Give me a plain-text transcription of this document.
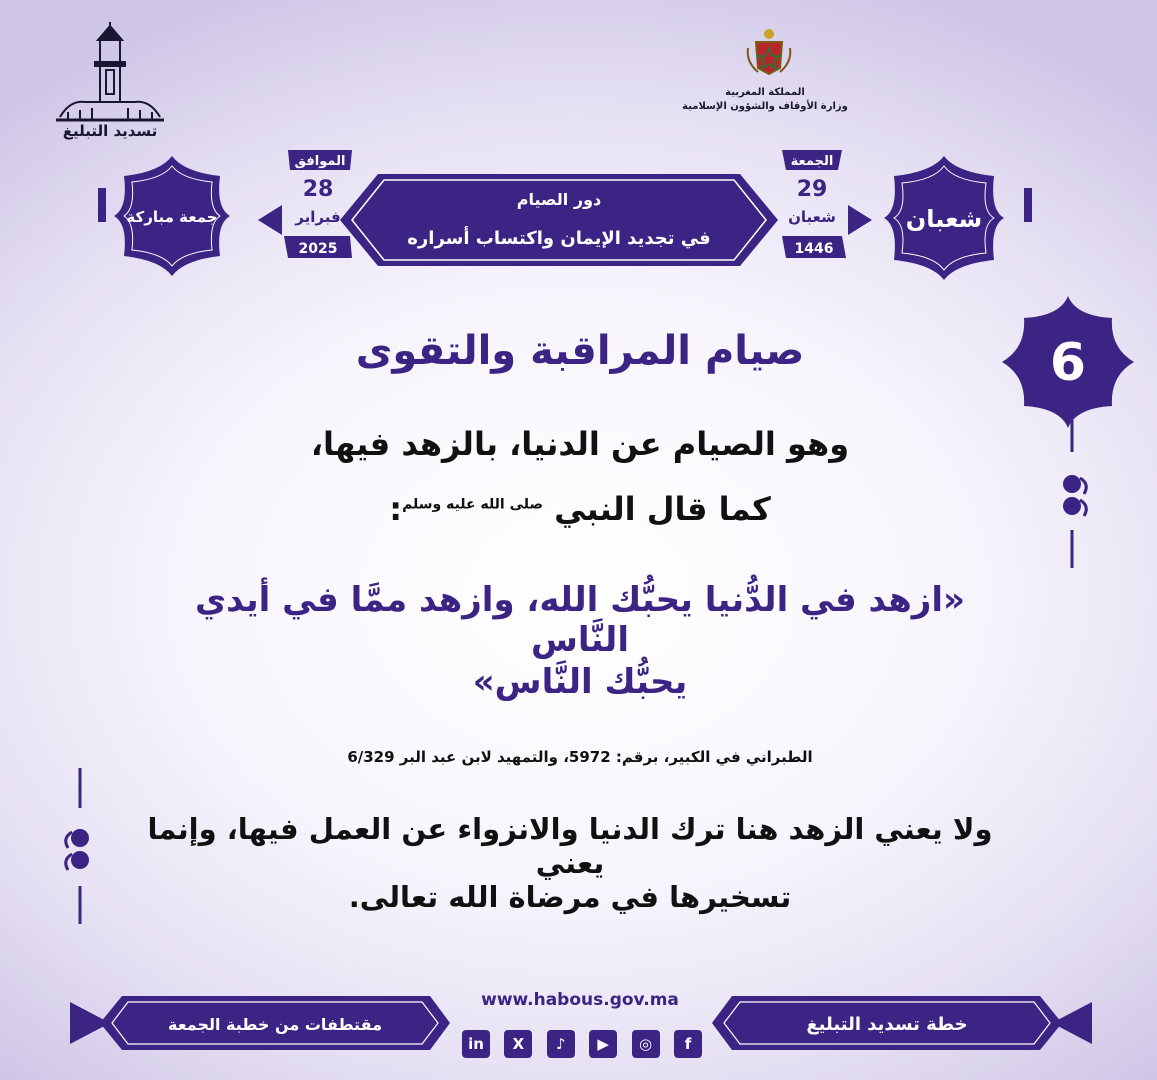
تسديد التبليغ
المملكة المغربية
وزارة الأوقاف والشؤون الإسلامية
جمعة مباركة	شعبان
دور الصيام
في تجديد الإيمان واكتساب أسراره
الجمعة
29
شعبان
1446
الموافق
28
فبراير
2025
6
صيام المراقبة والتقوى
وهو الصيام عن الدنيا، بالزهد فيها،
كما قال النبي $^{صلى الله عليه وسلم}$:
«ازهد في الدُّنيا يحبُّك الله، وازهد ممَّا في أيدي النَّاس
يحبُّك النَّاس»
الطبراني في الكبير، برقم: 5972، والتمهيد لابن عبد البر 6/329
ولا يعني الزهد هنا ترك الدنيا والانزواء عن العمل فيها، وإنما يعني
تسخيرها في مرضاة الله تعالى.
مقتطفات من خطبة الجمعة	خطة تسديد التبليغ
www.habous.gov.ma
in	X	♪	▶	◎	f
